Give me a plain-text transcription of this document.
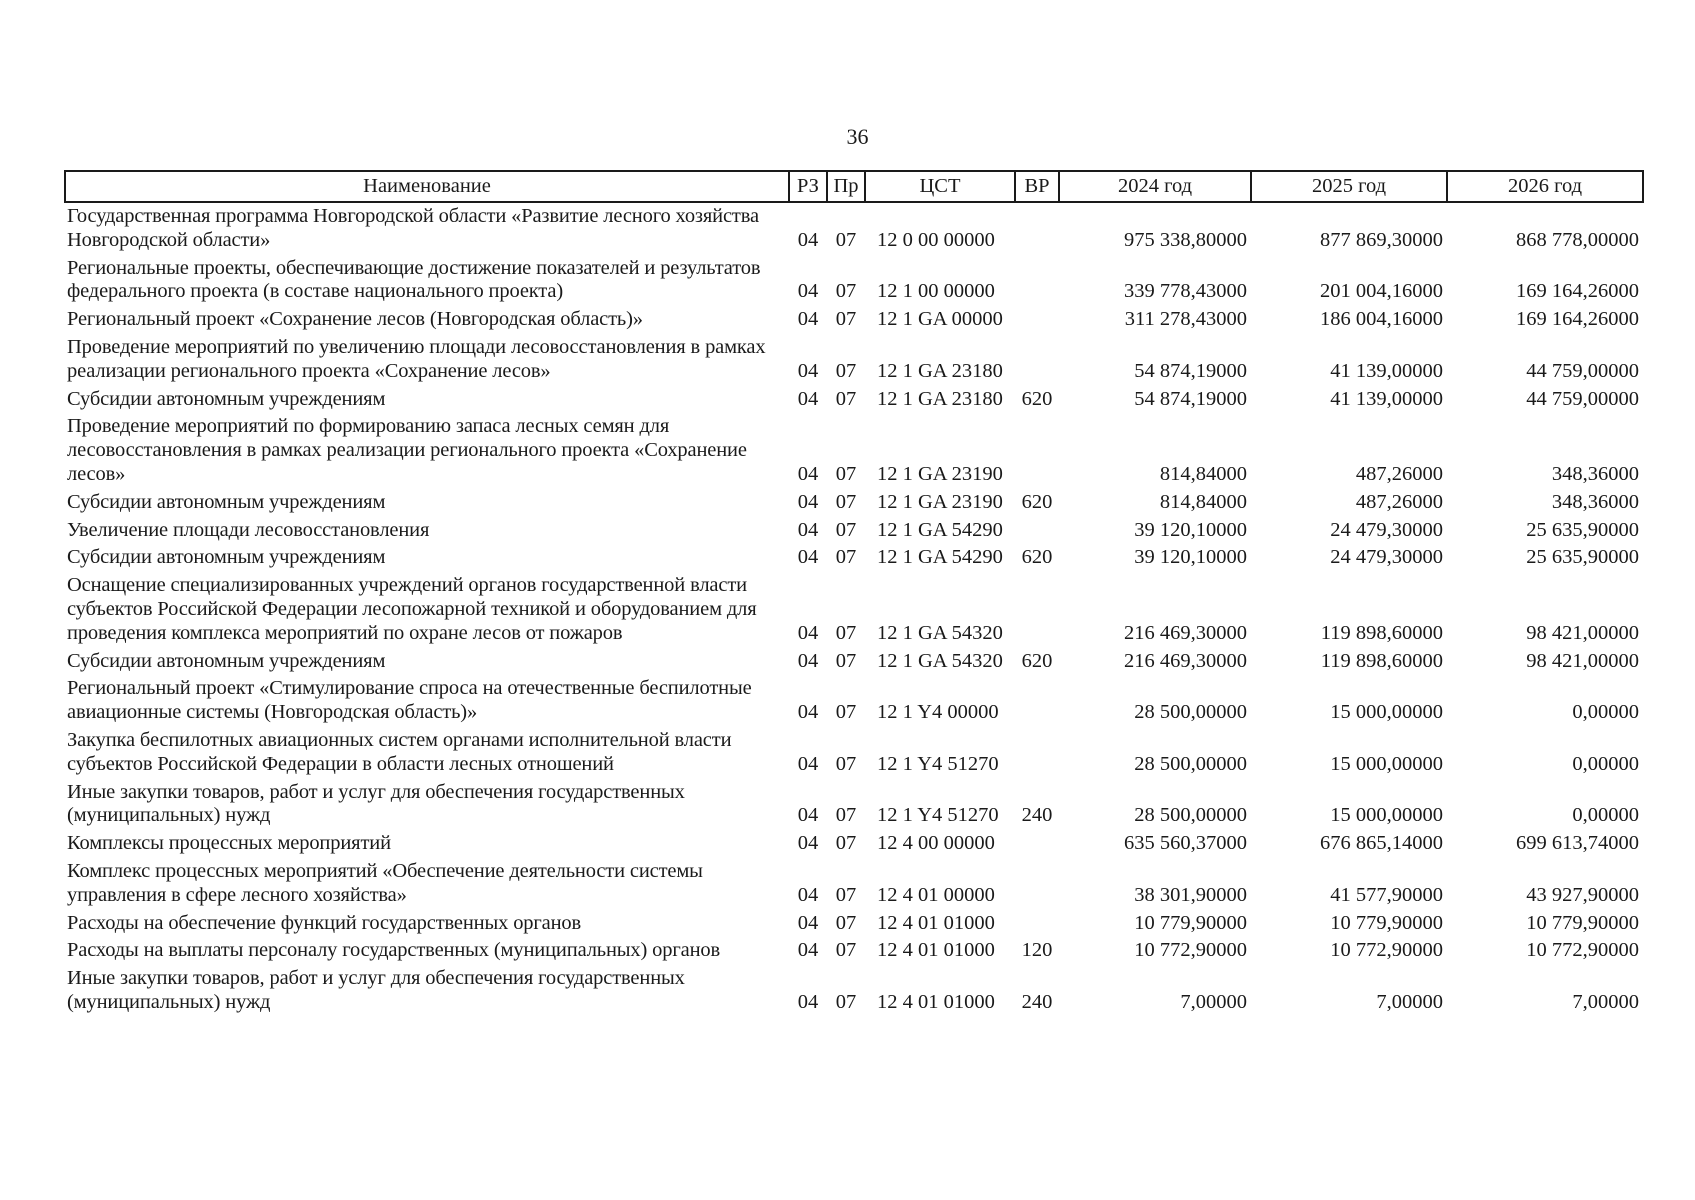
36
Наименование	РЗ	Пр	ЦСТ	ВР	2024 год	2025 год	2026 год
Государственная программа Новгородской области «Развитие лесного хозяйства Новгородской области»	04	07	12 0 00 00000		975 338,80000	877 869,30000	868 778,00000
Региональные проекты, обеспечивающие достижение показателей и результатов федерального проекта (в составе национального проекта)	04	07	12 1 00 00000		339 778,43000	201 004,16000	169 164,26000
Региональный проект «Сохранение лесов (Новгородская область)»	04	07	12 1 GA 00000		311 278,43000	186 004,16000	169 164,26000
Проведение мероприятий по увеличению площади лесовосстановления в рамках реализации регионального проекта «Сохранение лесов»	04	07	12 1 GA 23180		54 874,19000	41 139,00000	44 759,00000
Субсидии автономным учреждениям	04	07	12 1 GA 23180	620	54 874,19000	41 139,00000	44 759,00000
Проведение мероприятий по формированию запаса лесных семян для лесовосстановления в рамках реализации регионального проекта «Сохранение лесов»	04	07	12 1 GA 23190		814,84000	487,26000	348,36000
Субсидии автономным учреждениям	04	07	12 1 GA 23190	620	814,84000	487,26000	348,36000
Увеличение площади лесовосстановления	04	07	12 1 GA 54290		39 120,10000	24 479,30000	25 635,90000
Субсидии автономным учреждениям	04	07	12 1 GA 54290	620	39 120,10000	24 479,30000	25 635,90000
Оснащение специализированных учреждений органов государственной власти субъектов Российской Федерации лесопожарной техникой и оборудованием для проведения комплекса мероприятий по охране лесов от пожаров	04	07	12 1 GA 54320		216 469,30000	119 898,60000	98 421,00000
Субсидии автономным учреждениям	04	07	12 1 GA 54320	620	216 469,30000	119 898,60000	98 421,00000
Региональный проект «Стимулирование спроса на отечественные беспилотные авиационные системы (Новгородская область)»	04	07	12 1 Y4 00000		28 500,00000	15 000,00000	0,00000
Закупка беспилотных авиационных систем органами исполнительной власти субъектов Российской Федерации в области лесных отношений	04	07	12 1 Y4 51270		28 500,00000	15 000,00000	0,00000
Иные закупки товаров, работ и услуг для обеспечения государственных (муниципальных) нужд	04	07	12 1 Y4 51270	240	28 500,00000	15 000,00000	0,00000
Комплексы процессных мероприятий	04	07	12 4 00 00000		635 560,37000	676 865,14000	699 613,74000
Комплекс процессных мероприятий «Обеспечение деятельности системы управления в сфере лесного хозяйства»	04	07	12 4 01 00000		38 301,90000	41 577,90000	43 927,90000
Расходы на обеспечение функций государственных органов	04	07	12 4 01 01000		10 779,90000	10 779,90000	10 779,90000
Расходы на выплаты персоналу государственных (муниципальных) органов	04	07	12 4 01 01000	120	10 772,90000	10 772,90000	10 772,90000
Иные закупки товаров, работ и услуг для обеспечения государственных (муниципальных) нужд	04	07	12 4 01 01000	240	7,00000	7,00000	7,00000
